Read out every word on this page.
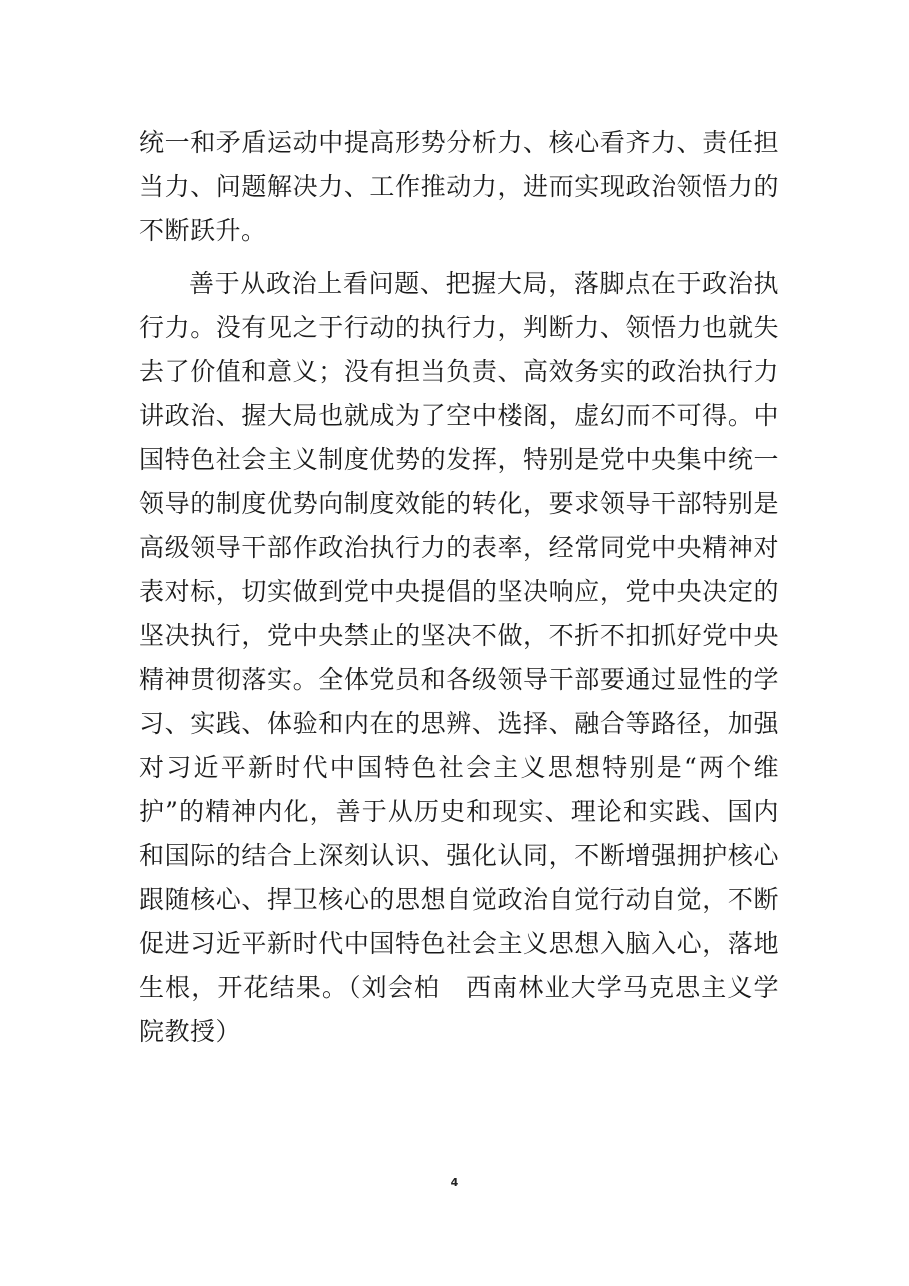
统一和矛盾运动中提高形势分析力、核心看齐力、责任担
当力、问题解决力、工作推动力，进而实现政治领悟力的
不断跃升。
善于从政治上看问题、把握大局，落脚点在于政治执
行力。没有见之于行动的执行力，判断力、领悟力也就失
去了价值和意义；没有担当负责、高效务实的政治执行力
讲政治、握大局也就成为了空中楼阁，虚幻而不可得。中
国特色社会主义制度优势的发挥，特别是党中央集中统一
领导的制度优势向制度效能的转化，要求领导干部特别是
高级领导干部作政治执行力的表率，经常同党中央精神对
表对标，切实做到党中央提倡的坚决响应，党中央决定的
坚决执行，党中央禁止的坚决不做，不折不扣抓好党中央
精神贯彻落实。全体党员和各级领导干部要通过显性的学
习、实践、体验和内在的思辨、选择、融合等路径，加强
对习近平新时代中国特色社会主义思想特别是“两个维
护”的精神内化，善于从历史和现实、理论和实践、国内
和国际的结合上深刻认识、强化认同，不断增强拥护核心
跟随核心、捍卫核心的思想自觉政治自觉行动自觉，不断
促进习近平新时代中国特色社会主义思想入脑入心，落地
生根，开花结果。（刘会柏　西南林业大学马克思主义学
院教授）
4
